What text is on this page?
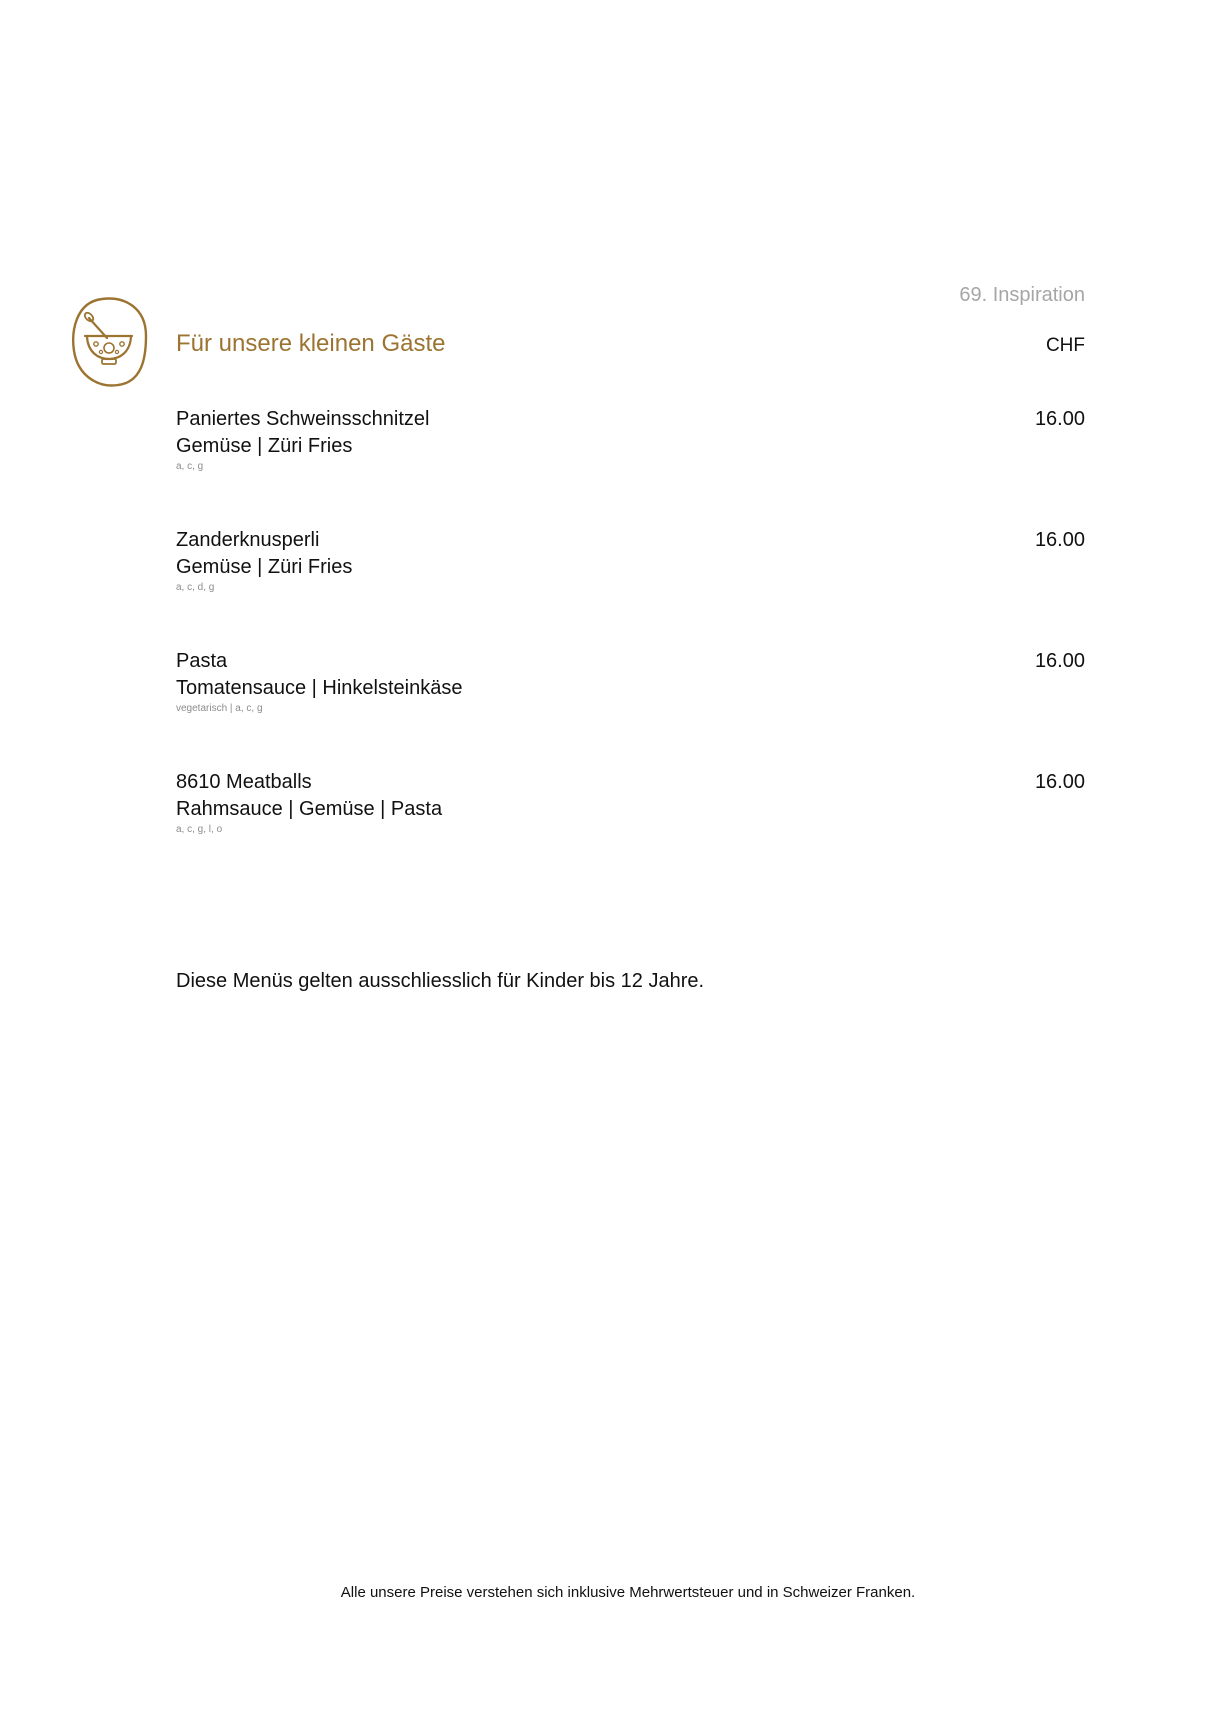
69. Inspiration
Für unsere kleinen Gäste	CHF
Paniertes Schweinsschnitzel
Gemüse | Züri Fries
a, c, g
16.00
Zanderknusperli
Gemüse | Züri Fries
a, c, d, g
16.00
Pasta
Tomatensauce | Hinkelsteinkäse
vegetarisch | a, c, g
16.00
8610 Meatballs
Rahmsauce | Gemüse | Pasta
a, c, g, l, o
16.00
Diese Menüs gelten ausschliesslich für Kinder bis 12 Jahre.
Alle unsere Preise verstehen sich inklusive Mehrwertsteuer und in Schweizer Franken.
